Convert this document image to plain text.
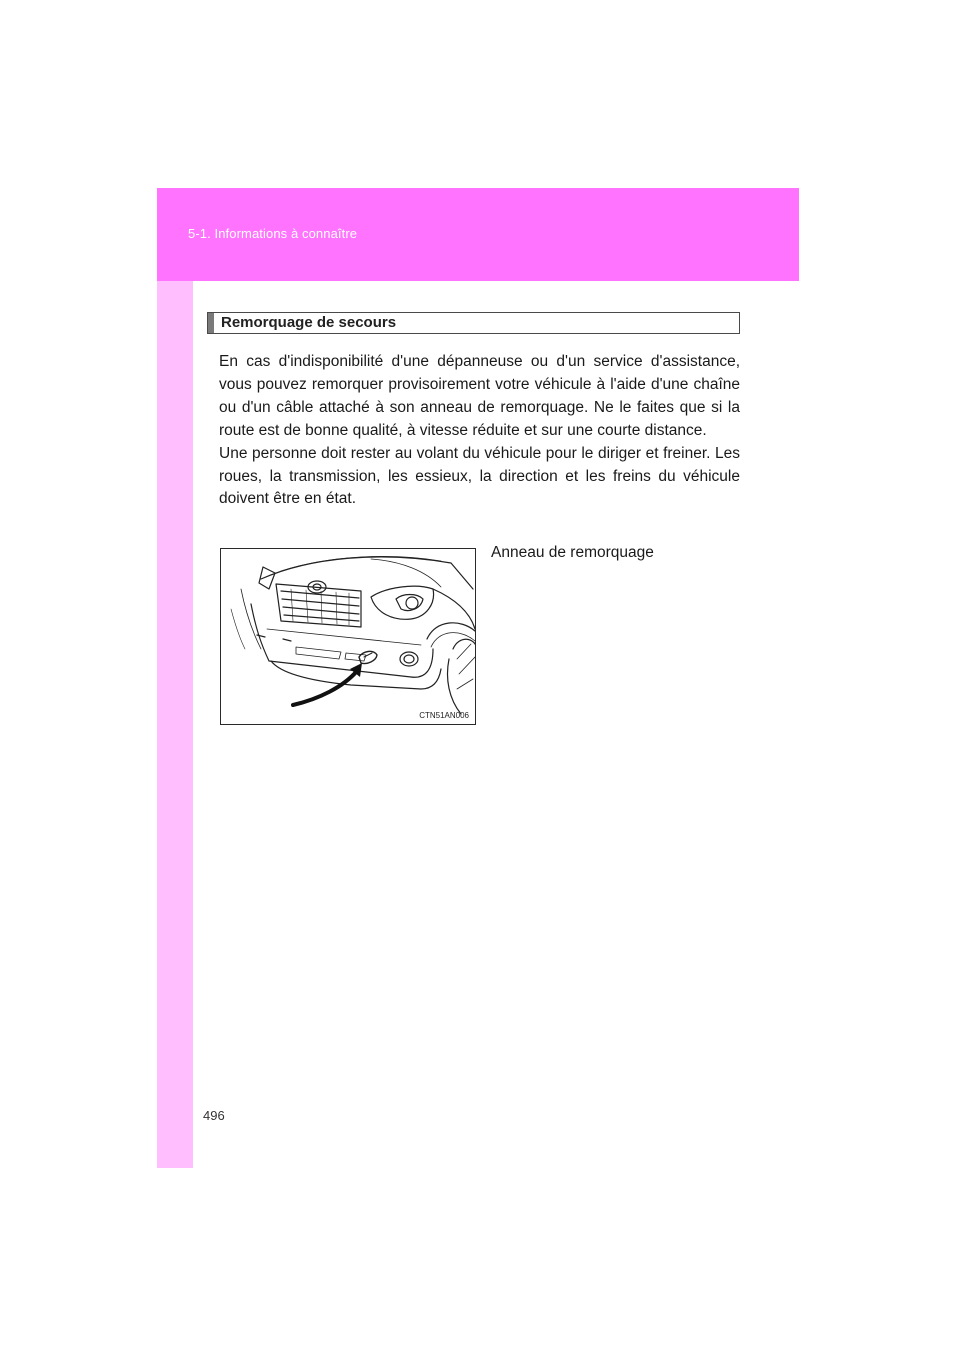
5-1. Informations à connaître
Remorquage de secours

En cas d'indisponibilité d'une dépanneuse ou d'un service d'assistance, vous pouvez remorquer provisoirement votre véhicule à l'aide d'une chaîne ou d'un câble attaché à son anneau de remorquage. Ne le faites que si la route est de bonne qualité, à vitesse réduite et sur une courte distance.

Une personne doit rester au volant du véhicule pour le diriger et freiner. Les roues, la transmission, les essieux, la direction et les freins du véhicule doivent être en état.

CTN51AN006
Anneau de remorquage
496
